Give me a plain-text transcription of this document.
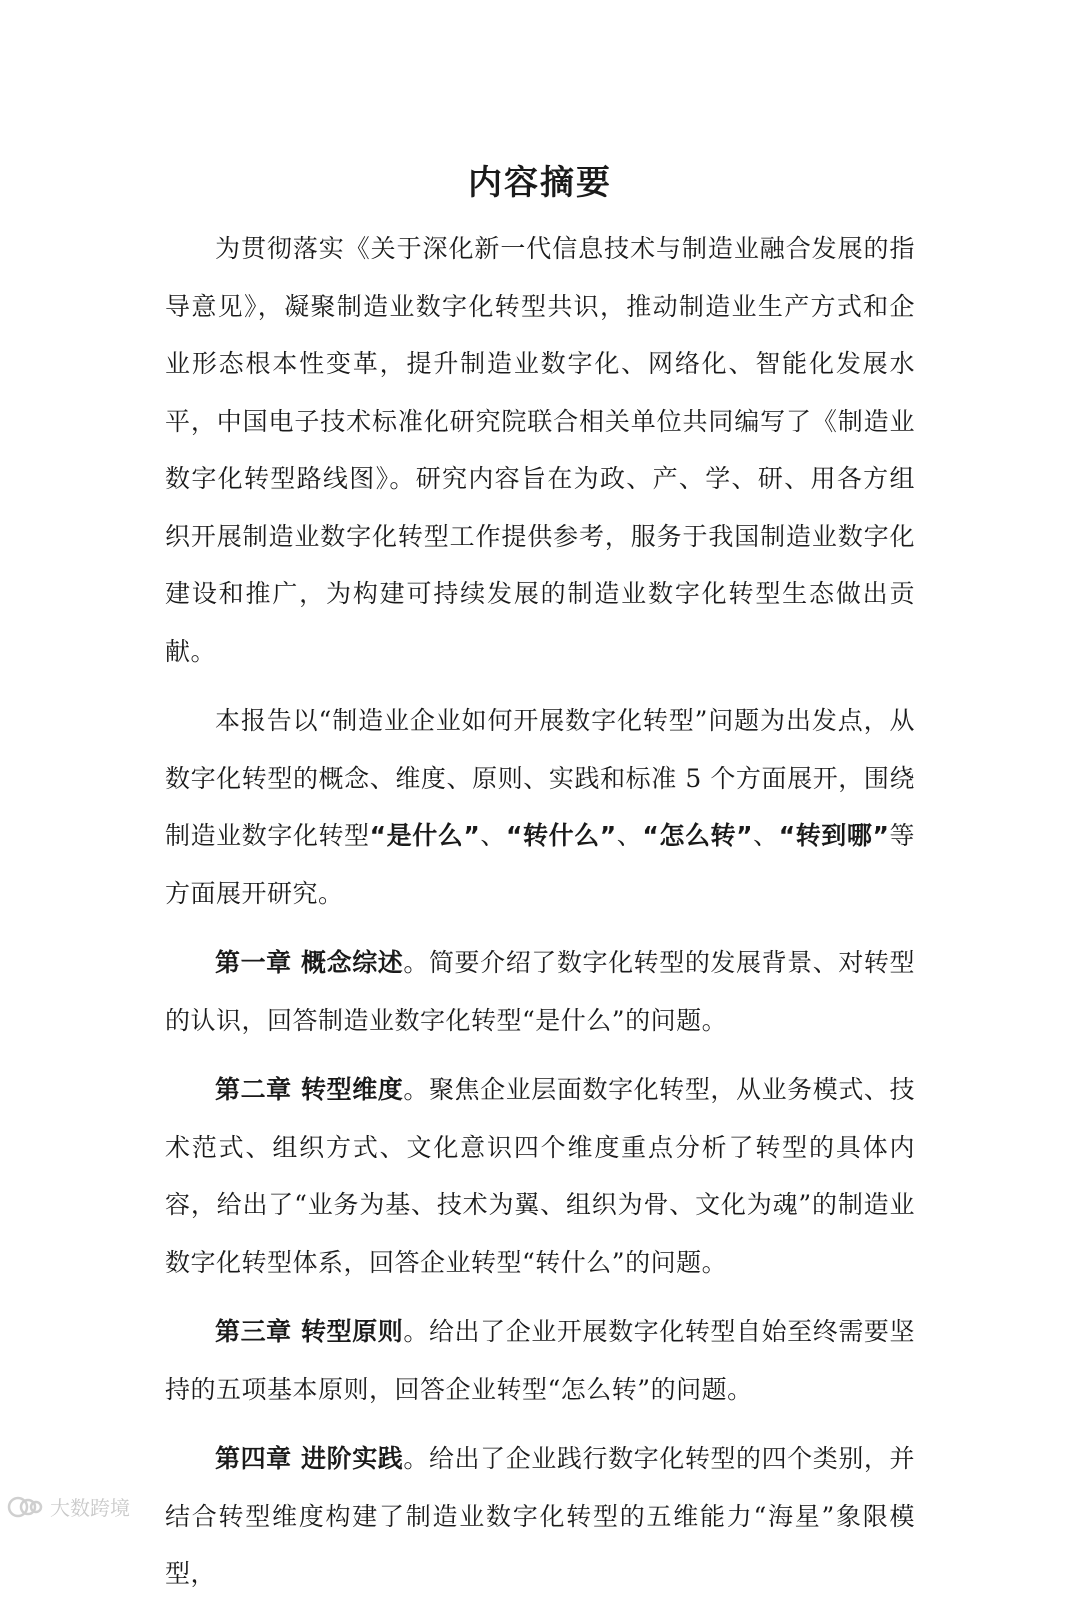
内容摘要

为贯彻落实《关于深化新一代信息技术与制造业融合发展的指导意见》，凝聚制造业数字化转型共识，推动制造业生产方式和企业形态根本性变革，提升制造业数字化、网络化、智能化发展水平，中国电子技术标准化研究院联合相关单位共同编写了《制造业数字化转型路线图》。研究内容旨在为政、产、学、研、用各方组织开展制造业数字化转型工作提供参考，服务于我国制造业数字化建设和推广，为构建可持续发展的制造业数字化转型生态做出贡献。

本报告以“制造业企业如何开展数字化转型”问题为出发点，从数字化转型的概念、维度、原则、实践和标准 5 个方面展开，围绕制造业数字化转型“是什么”、“转什么”、“怎么转”、“转到哪”等方面展开研究。

第一章 概念综述。简要介绍了数字化转型的发展背景、对转型的认识，回答制造业数字化转型“是什么”的问题。

第二章 转型维度。聚焦企业层面数字化转型，从业务模式、技术范式、组织方式、文化意识四个维度重点分析了转型的具体内容，给出了“业务为基、技术为翼、组织为骨、文化为魂”的制造业数字化转型体系，回答企业转型“转什么”的问题。

第三章 转型原则。给出了企业开展数字化转型自始至终需要坚持的五项基本原则，回答企业转型“怎么转”的问题。

第四章 进阶实践。给出了企业践行数字化转型的四个类别，并结合转型维度构建了制造业数字化转型的五维能力“海星”象限模型，

大数跨境
